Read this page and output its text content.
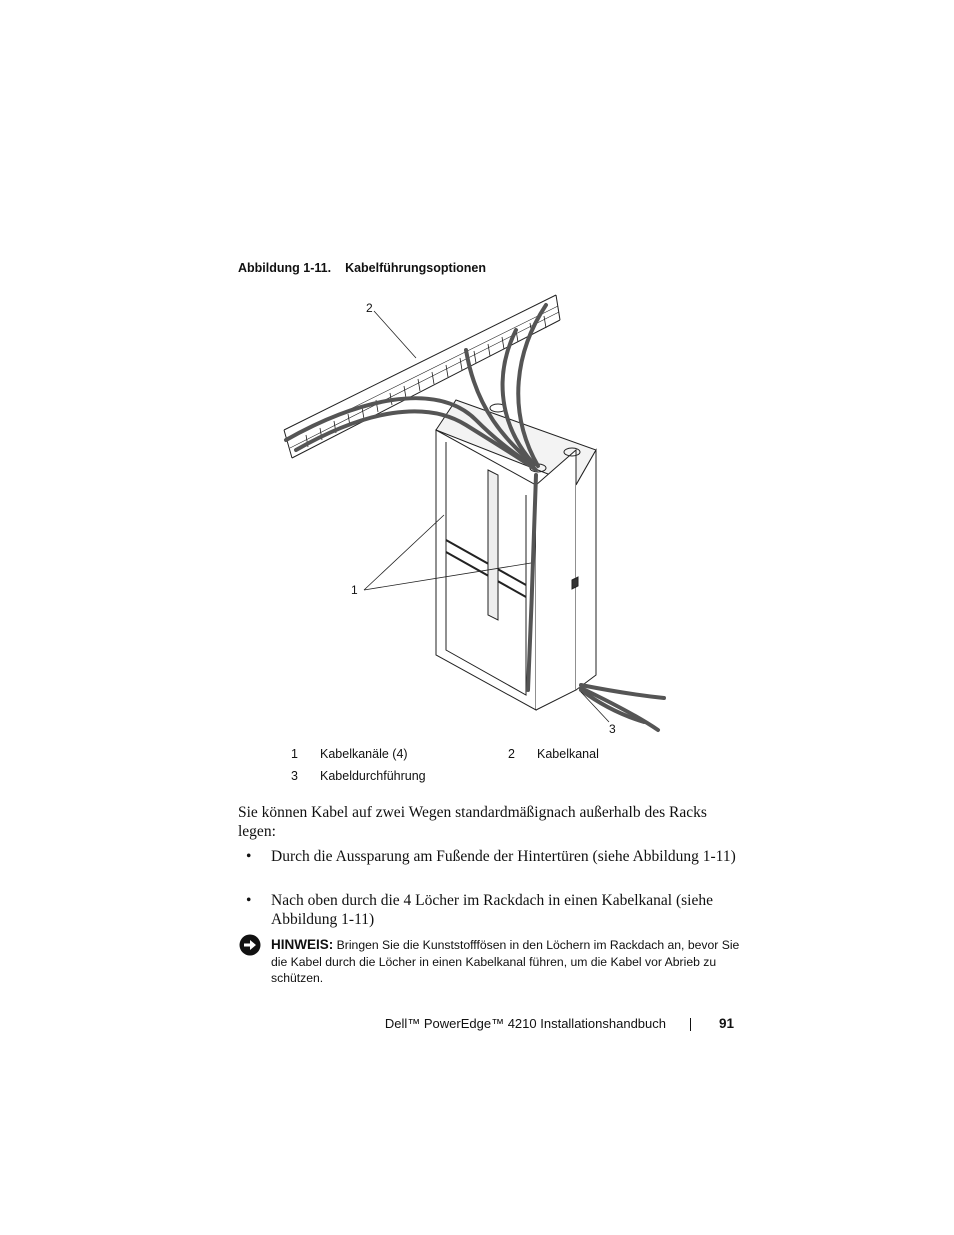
Abbildung 1-11. Kabelführungsoptionen
2
1
3
1 Kabelkanäle (4)	2 Kabelkanal
3 Kabeldurchführung
Sie können Kabel auf zwei Wegen standardmäßignach außerhalb des Racks legen:
• Durch die Aussparung am Fußende der Hintertüren (siehe Abbildung 1-11)
• Nach oben durch die 4 Löcher im Rackdach in einen Kabelkanal (siehe Abbildung 1-11)
HINWEIS: Bringen Sie die Kunststofffösen in den Löchern im Rackdach an, bevor Sie die Kabel durch die Löcher in einen Kabelkanal führen, um die Kabel vor Abrieb zu schützen.
Dell™ PowerEdge™ 4210 Installationshandbuch	91
